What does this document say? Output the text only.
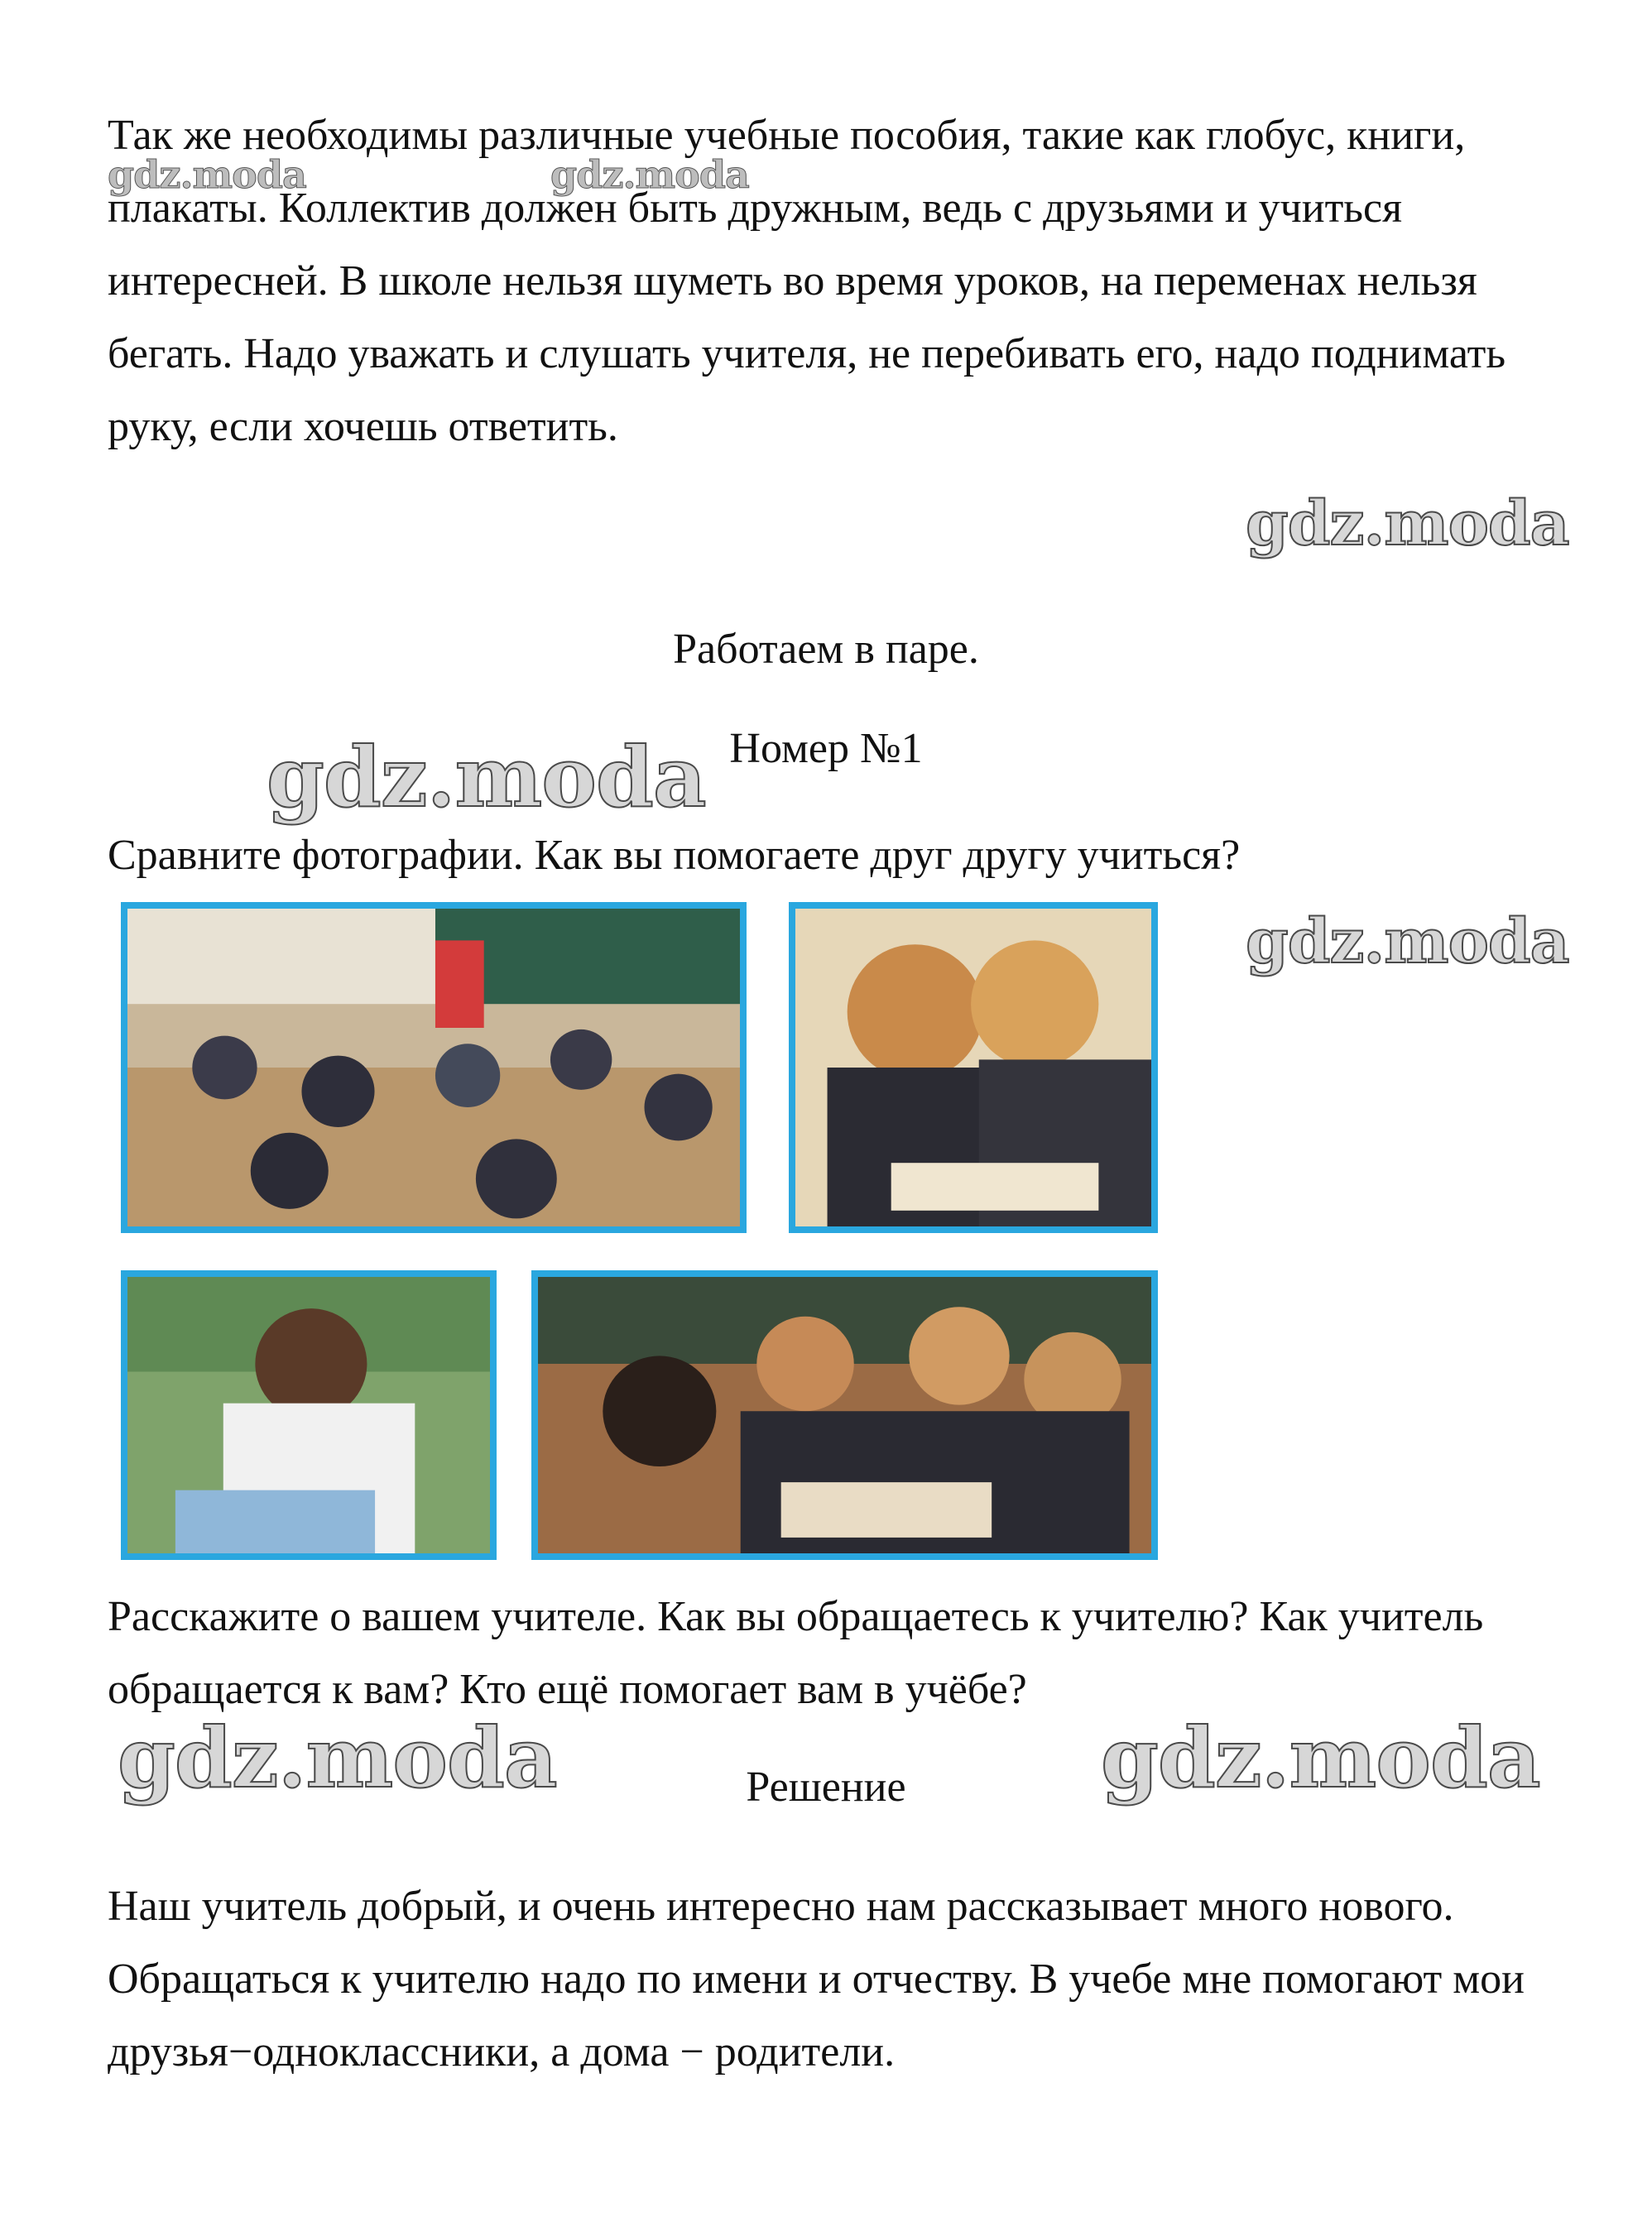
gdz.moda	gdz.moda
gdz.moda
gdz.moda
gdz.moda
gdz.moda	gdz.moda

Так же необходимы различные учебные пособия, такие как глобус, книги, плакаты. Коллектив должен быть дружным, ведь с друзьями и учиться интересней. В школе нельзя шуметь во время уроков, на переменах нельзя бегать. Надо уважать и слушать учителя, не перебивать его, надо поднимать руку, если хочешь ответить.

Работаем в паре.

Номер №1

Сравните фотографии. Как вы помогаете друг другу учиться?

Расскажите о вашем учителе. Как вы обращаетесь к учителю? Как учитель обращается к вам? Кто ещё помогает вам в учёбе?

Решение

Наш учитель добрый, и очень интересно нам рассказывает много нового. Обращаться к учителю надо по имени и отчеству. В учебе мне помогают мои друзья−одноклассники, а дома − родители.
